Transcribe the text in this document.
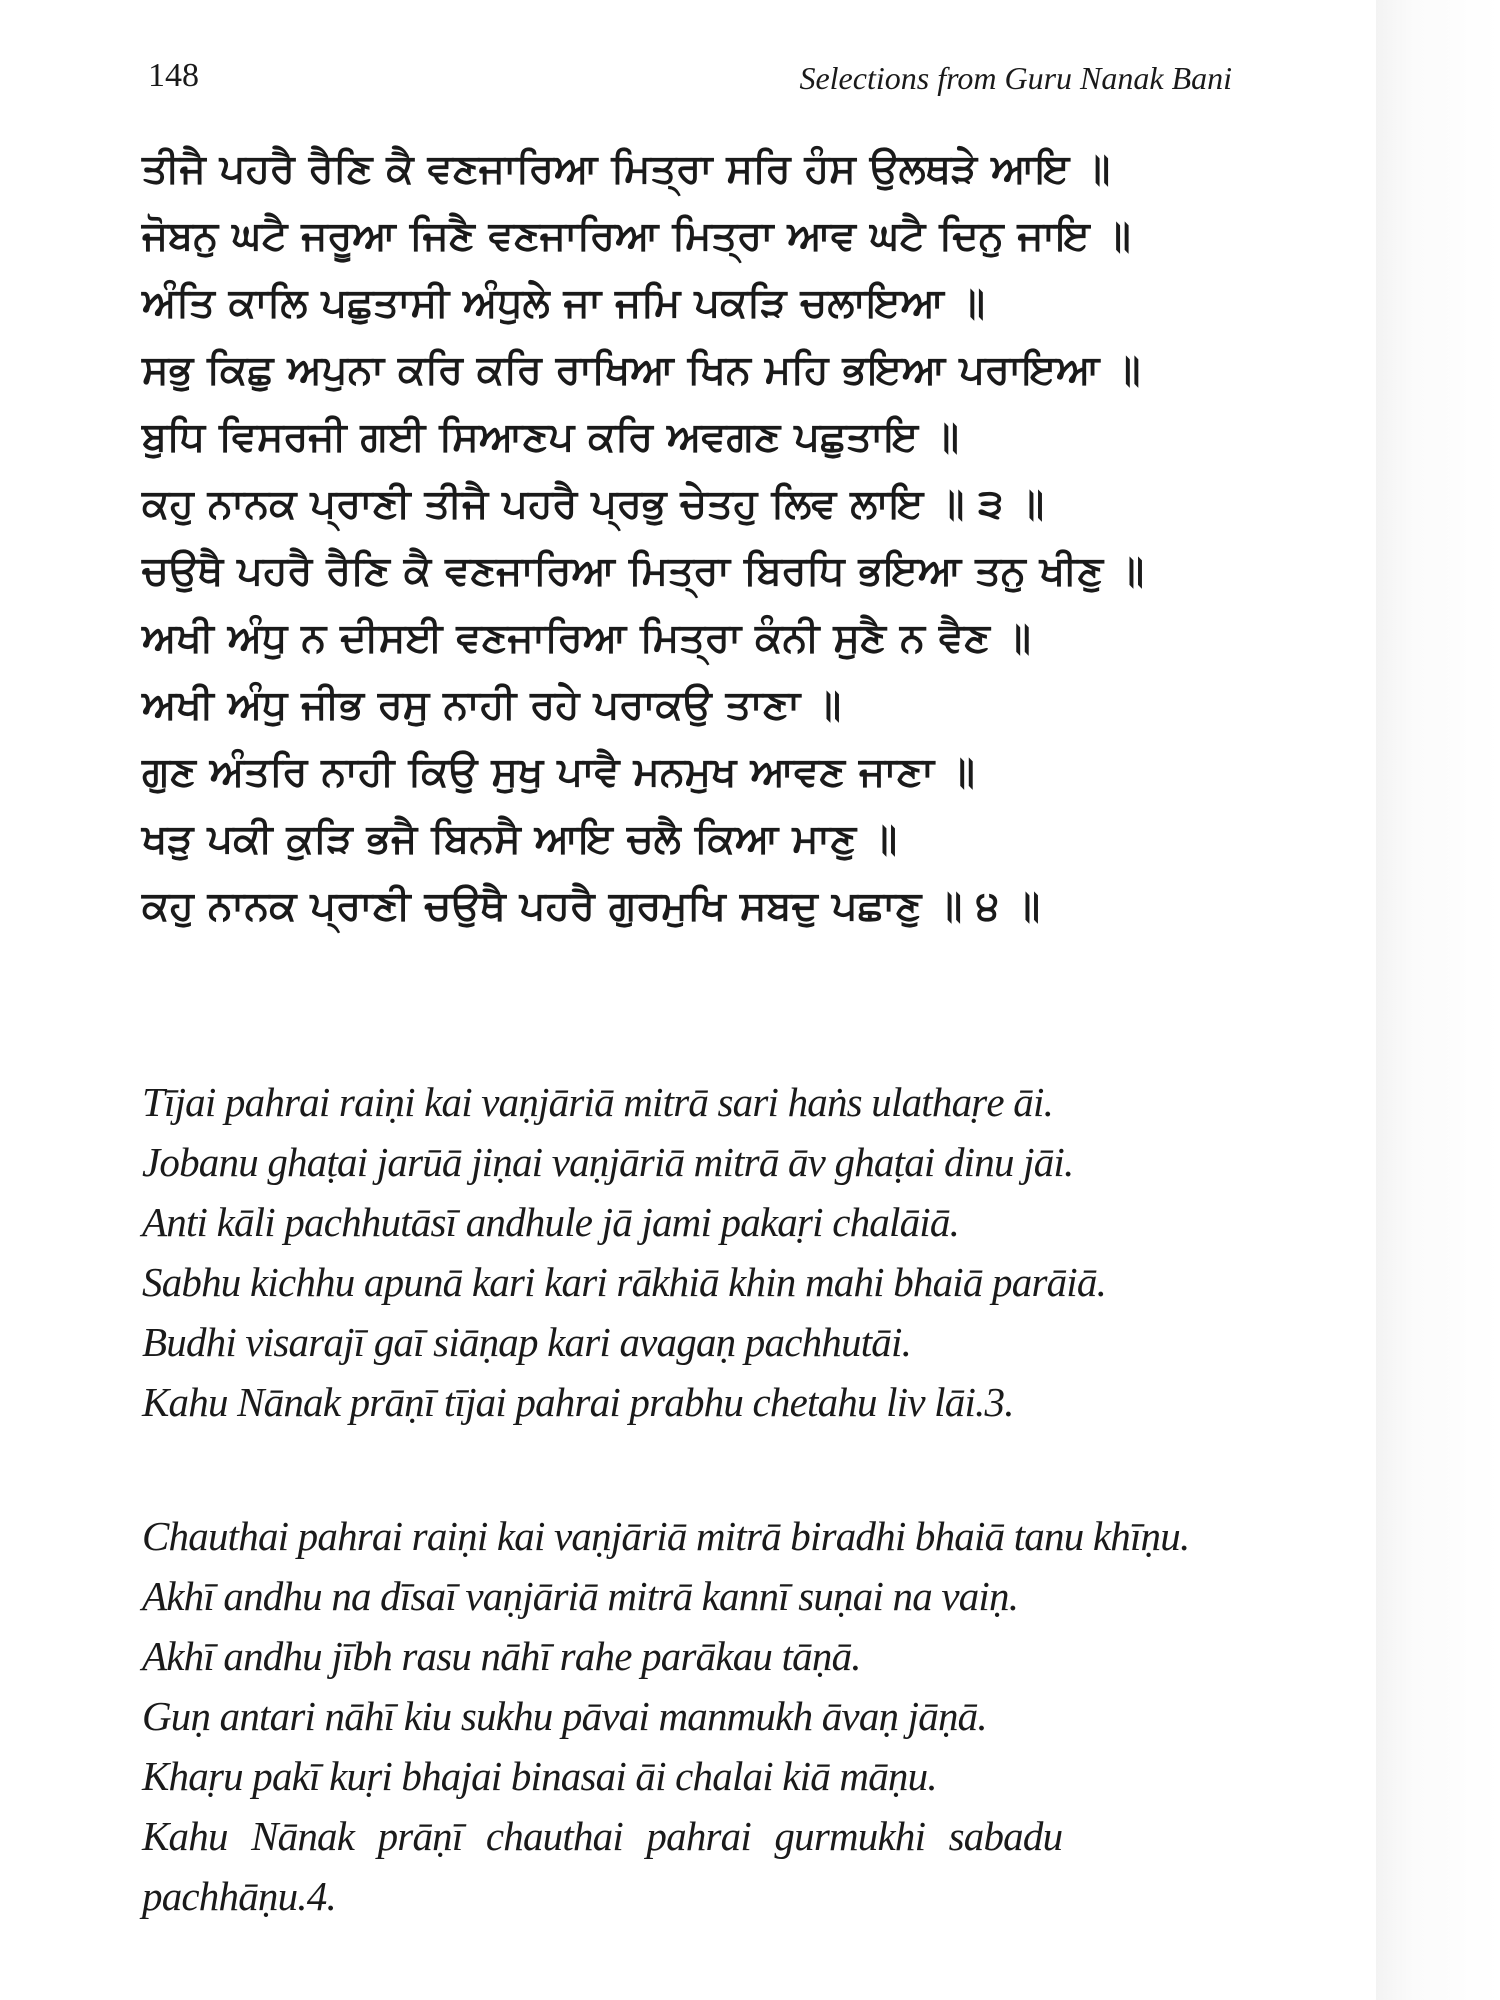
148	Selections from Guru Nanak Bani
ਤੀਜੈ ਪਹਰੈ ਰੈਣਿ ਕੈ ਵਣਜਾਰਿਆ ਮਿਤ੍ਰਾ ਸਰਿ ਹੰਸ ਉਲਥੜੇ ਆਇ ॥
ਜੋਬਨੁ ਘਟੈ ਜਰੂਆ ਜਿਣੈ ਵਣਜਾਰਿਆ ਮਿਤ੍ਰਾ ਆਵ ਘਟੈ ਦਿਨੁ ਜਾਇ ॥
ਅੰਤਿ ਕਾਲਿ ਪਛੁਤਾਸੀ ਅੰਧੁਲੇ ਜਾ ਜਮਿ ਪਕੜਿ ਚਲਾਇਆ ॥
ਸਭੁ ਕਿਛੁ ਅਪੁਨਾ ਕਰਿ ਕਰਿ ਰਾਖਿਆ ਖਿਨ ਮਹਿ ਭਇਆ ਪਰਾਇਆ ॥
ਬੁਧਿ ਵਿਸਰਜੀ ਗਈ ਸਿਆਣਪ ਕਰਿ ਅਵਗਣ ਪਛੁਤਾਇ ॥
ਕਹੁ ਨਾਨਕ ਪ੍ਰਾਣੀ ਤੀਜੈ ਪਹਰੈ ਪ੍ਰਭੁ ਚੇਤਹੁ ਲਿਵ ਲਾਇ ॥ ੩ ॥
ਚਉਥੈ ਪਹਰੈ ਰੈਣਿ ਕੈ ਵਣਜਾਰਿਆ ਮਿਤ੍ਰਾ ਬਿਰਧਿ ਭਇਆ ਤਨੁ ਖੀਣੁ ॥
ਅਖੀ ਅੰਧੁ ਨ ਦੀਸਈ ਵਣਜਾਰਿਆ ਮਿਤ੍ਰਾ ਕੰਨੀ ਸੁਣੈ ਨ ਵੈਣ ॥
ਅਖੀ ਅੰਧੁ ਜੀਭ ਰਸੁ ਨਾਹੀ ਰਹੇ ਪਰਾਕਉ ਤਾਣਾ ॥
ਗੁਣ ਅੰਤਰਿ ਨਾਹੀ ਕਿਉ ਸੁਖੁ ਪਾਵੈ ਮਨਮੁਖ ਆਵਣ ਜਾਣਾ ॥
ਖੜੁ ਪਕੀ ਕੁੜਿ ਭਜੈ ਬਿਨਸੈ ਆਇ ਚਲੈ ਕਿਆ ਮਾਣੁ ॥
ਕਹੁ ਨਾਨਕ ਪ੍ਰਾਣੀ ਚਉਥੈ ਪਹਰੈ ਗੁਰਮੁਖਿ ਸਬਦੁ ਪਛਾਣੁ ॥ ੪ ॥
Tījai pahrai raiṇi kai vaṇjāriā mitrā sari haṅs ulathaṛe āi.
Jobanu ghaṭai jarūā jiṇai vaṇjāriā mitrā āv ghaṭai dinu jāi.
Anti kāli pachhutāsī andhule jā jami pakaṛi chalāiā.
Sabhu kichhu apunā kari kari rākhiā khin mahi bhaiā parāiā.
Budhi visarajī gaī siāṇap kari avagaṇ pachhutāi.
Kahu Nānak prāṇī tījai pahrai prabhu chetahu liv lāi.3.
Chauthai pahrai raiṇi kai vaṇjāriā mitrā biradhi bhaiā tanu khīṇu.
Akhī andhu na dīsaī vaṇjāriā mitrā kannī suṇai na vaiṇ.
Akhī andhu jībh rasu nāhī rahe parākau tāṇā.
Guṇ antari nāhī kiu sukhu pāvai manmukh āvaṇ jāṇā.
Khaṛu pakī kuṛi bhajai binasai āi chalai kiā māṇu.
Kahu Nānak prāṇī chauthai pahrai gurmukhi sabadu
pachhāṇu.4.
